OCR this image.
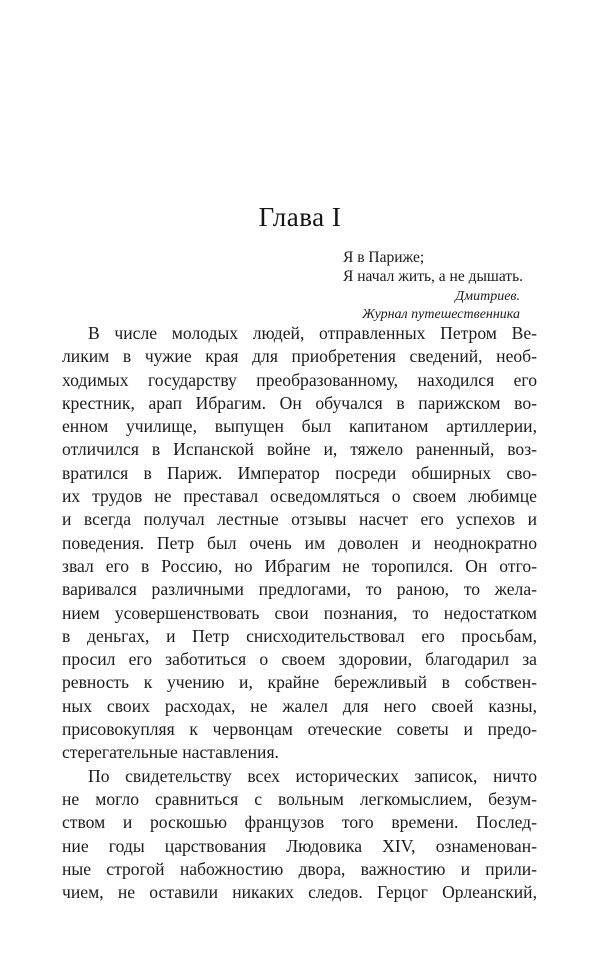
Глава I
Я в Париже;
Я начал жить, а не дышать.
Дмитриев.
Журнал путешественника
В числе молодых людей, отправленных Петром Ве-
ликим в чужие края для приобретения сведений, необ-
ходимых государству преобразованному, находился его
крестник, арап Ибрагим. Он обучался в парижском во-
енном училище, выпущен был капитаном артиллерии,
отличился в Испанской войне и, тяжело раненный, воз-
вратился в Париж. Император посреди обширных сво-
их трудов не преставал осведомляться о своем любимце
и всегда получал лестные отзывы насчет его успехов и
поведения. Петр был очень им доволен и неоднократно
звал его в Россию, но Ибрагим не торопился. Он отго-
варивался различными предлогами, то раною, то жела-
нием усовершенствовать свои познания, то недостатком
в деньгах, и Петр снисходительствовал его просьбам,
просил его заботиться о своем здоровии, благодарил за
ревность к учению и, крайне бережливый в собствен-
ных своих расходах, не жалел для него своей казны,
присовокупляя к червонцам отеческие советы и предо-
стерегательные наставления.
По свидетельству всех исторических записок, ничто
не могло сравниться с вольным легкомыслием, безум-
ством и роскошью французов того времени. Послед-
ние годы царствования Людовика XIV, ознаменован-
ные строгой набожностию двора, важностию и прили-
чием, не оставили никаких следов. Герцог Орлеанский,
